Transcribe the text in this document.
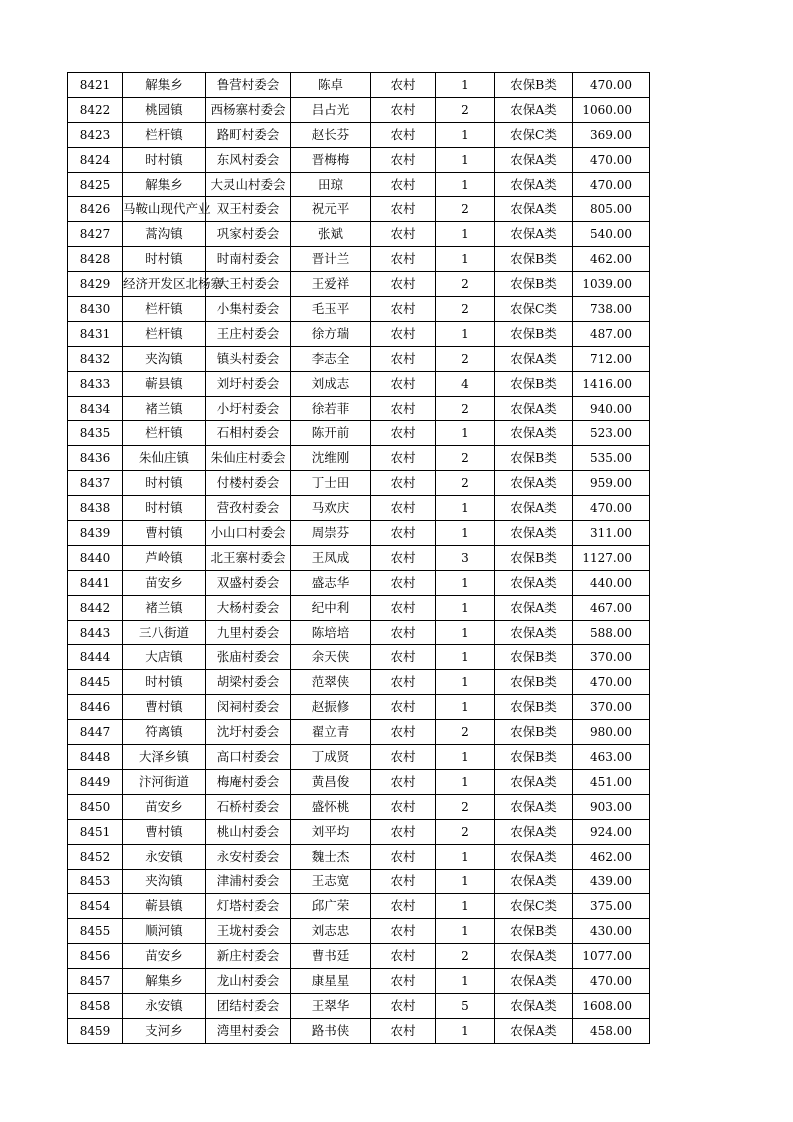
8421	解集乡	鲁营村委会	陈卓	农村	1	农保B类	470.00
8422	桃园镇	西杨寨村委会	吕占光	农村	2	农保A类	1060.00
8423	栏杆镇	路町村委会	赵长芬	农村	1	农保C类	369.00
8424	时村镇	东风村委会	晋梅梅	农村	1	农保A类	470.00
8425	解集乡	大灵山村委会	田琼	农村	1	农保A类	470.00
8426	马鞍山现代产业	双王村委会	祝元平	农村	2	农保A类	805.00
8427	蒿沟镇	巩家村委会	张斌	农村	1	农保A类	540.00
8428	时村镇	时南村委会	晋计兰	农村	1	农保B类	462.00
8429	经济开发区北杨寨	大王村委会	王爱祥	农村	2	农保B类	1039.00
8430	栏杆镇	小集村委会	毛玉平	农村	2	农保C类	738.00
8431	栏杆镇	王庄村委会	徐方瑞	农村	1	农保B类	487.00
8432	夹沟镇	镇头村委会	李志全	农村	2	农保A类	712.00
8433	蕲县镇	刘圩村委会	刘成志	农村	4	农保B类	1416.00
8434	褚兰镇	小圩村委会	徐若菲	农村	2	农保A类	940.00
8435	栏杆镇	石相村委会	陈开前	农村	1	农保A类	523.00
8436	朱仙庄镇	朱仙庄村委会	沈维刚	农村	2	农保B类	535.00
8437	时村镇	付楼村委会	丁士田	农村	2	农保A类	959.00
8438	时村镇	营孜村委会	马欢庆	农村	1	农保A类	470.00
8439	曹村镇	小山口村委会	周崇芬	农村	1	农保A类	311.00
8440	芦岭镇	北王寨村委会	王凤成	农村	3	农保B类	1127.00
8441	苗安乡	双盛村委会	盛志华	农村	1	农保A类	440.00
8442	褚兰镇	大杨村委会	纪中利	农村	1	农保A类	467.00
8443	三八街道	九里村委会	陈培培	农村	1	农保A类	588.00
8444	大店镇	张庙村委会	余天侠	农村	1	农保B类	370.00
8445	时村镇	胡梁村委会	范翠侠	农村	1	农保B类	470.00
8446	曹村镇	闵祠村委会	赵振修	农村	1	农保B类	370.00
8447	符离镇	沈圩村委会	翟立青	农村	2	农保B类	980.00
8448	大泽乡镇	高口村委会	丁成贤	农村	1	农保B类	463.00
8449	汴河街道	梅庵村委会	黄昌俊	农村	1	农保A类	451.00
8450	苗安乡	石桥村委会	盛怀桃	农村	2	农保A类	903.00
8451	曹村镇	桃山村委会	刘平均	农村	2	农保A类	924.00
8452	永安镇	永安村委会	魏士杰	农村	1	农保A类	462.00
8453	夹沟镇	津浦村委会	王志宽	农村	1	农保A类	439.00
8454	蕲县镇	灯塔村委会	邱广荣	农村	1	农保C类	375.00
8455	顺河镇	王垅村委会	刘志忠	农村	1	农保B类	430.00
8456	苗安乡	新庄村委会	曹书廷	农村	2	农保A类	1077.00
8457	解集乡	龙山村委会	康星星	农村	1	农保A类	470.00
8458	永安镇	团结村委会	王翠华	农村	5	农保A类	1608.00
8459	支河乡	湾里村委会	路书侠	农村	1	农保A类	458.00
